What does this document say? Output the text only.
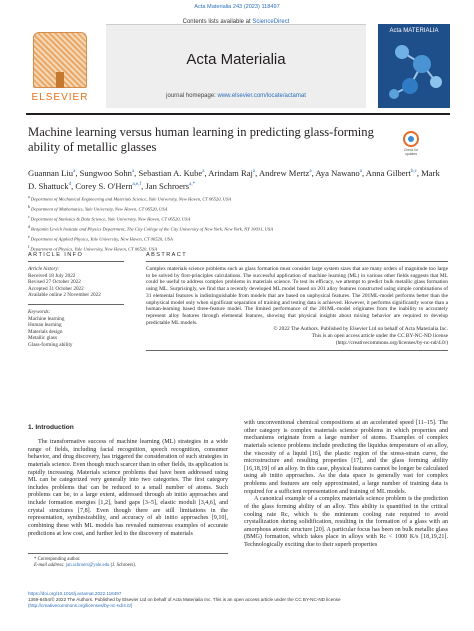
Acta Materialia 243 (2023) 118497
ELSEVIER
Contents lists available at ScienceDirect
Acta Materialia
journal homepage: www.elsevier.com/locate/actamat
Acta MATERIALIA
Machine learning versus human learning in predicting glass-forming ability of metallic glasses	Check for updates
Guannan Liu$^a$, Sungwoo Sohn$^a$, Sebastian A. Kube$^a$, Arindam Raj$^a$, Andrew Mertz$^a$, Aya Nawano$^a$, Anna Gilbert$^{b,c}$, Mark D. Shattuck$^d$, Corey S. O'Hern$^{a,e,f}$, Jan Schroers$^{a,*}$
a Department of Mechanical Engineering and Materials Science, Yale University, New Haven, CT 06520, USA
b Department of Mathematics, Yale University, New Haven, CT 06520, USA
c Department of Statistics & Data Science, Yale University, New Haven, CT 06520, USA
d Benjamin Levich Institute and Physics Department, The City College of the City University of New York, New York, NY 10031, USA
e Department of Applied Physics, Yale University, New Haven, CT 06520, USA
f Department of Physics, Yale University, New Haven, CT 06520, USA
ARTICLE INFO
Article history:
Received 18 July 2022
Revised 27 October 2022
Accepted 31 October 2022
Available online 2 November 2022
Keywords:
Machine learning
Human learning
Materials design
Metallic glass
Glass-forming ability
ABSTRACT

Complex materials science problems such as glass formation must consider large system sizes that are many orders of magnitude too large to be solved by first-principles calculations. The successful application of machine learning (ML) in various other fields suggests that ML could be useful to address complex problems in materials science. To test its efficacy, we attempt to predict bulk metallic glass formation using ML. Surprisingly, we find that a recently developed ML model based on 201 alloy features constructed using simple combinations of 31 elemental features is indistinguishable from models that are based on unphysical features. The 201ML-model performs better than the unphysical model only when significant separation of training and testing data is achieved. However, it performs significantly worse than a human-learning based three-feature model. The limited performance of the 201ML-model originates from the inability to accurately represent alloy features through elemental features, showing that physical insights about mixing behavior are required to develop predictable ML models.

© 2022 The Authors. Published by Elsevier Ltd on behalf of Acta Materialia Inc.

This is an open access article under the CC BY-NC-ND license

(http://creativecommons.org/licenses/by-nc-nd/4.0/)

1. Introduction

The transformative success of machine learning (ML) strategies in a wide range of fields, including facial recognition, speech recognition, consumer behavior, and drug discovery, has triggered the consideration of such strategies in materials science. Even though much scarcer than in other fields, its application is rapidly increasing. Materials science problems that have been addressed using ML can be categorized very generally into two categories. The first category includes problems that can be reduced to a small number of atoms. Such problems can be, to a large extent, addressed through ab initio approaches and include formation energies [1,2], band gaps [3–5], elastic moduli [3,4,6], and crystal structures [7,8]. Even though there are still limitations in the representation, synthesizability, and accuracy of ab initio approaches [9,10], combining these with ML models has revealed numerous examples of accurate predictions at low cost, and further led to the discovery of materials

with unconventional chemical compositions at an accelerated speed [11–15]. The other category is complex materials science problems in which properties and mechanisms originate from a large number of atoms. Examples of complex materials science problems include predicting the liquidus temperature of an alloy, the viscosity of a liquid [16], the plastic region of the stress-strain curve, the microstructure and resulting properties [17], and the glass forming ability [16,18,19] of an alloy. In this case, physical features cannot be longer be calculated using ab initio approaches. As the data space is generally vast for complex problems and features are only approximated, a large number of training data is required for a sufficient representation and training of ML models.

A canonical example of a complex materials science problem is the prediction of the glass forming ability of an alloy. This ability is quantified in the critical cooling rate Rc, which is the minimum cooling rate required to avoid crystallization during solidification, resulting in the formation of a glass with an amorphous atomic structure [20]. A particular focus has been on bulk metallic glass (BMG) formation, which takes place in alloys with Rc < 1000 K/s [18,19,21]. Technologically exciting due to their superb properties

* Corresponding author.
E-mail address: jan.schroers@yale.edu (J. Schroers).
https://doi.org/10.1016/j.actamat.2022.118497
1359-6454/© 2022 The Authors. Published by Elsevier Ltd on behalf of Acta Materialia Inc. This is an open access article under the CC BY-NC-ND license
(http://creativecommons.org/licenses/by-nc-nd/4.0/)
